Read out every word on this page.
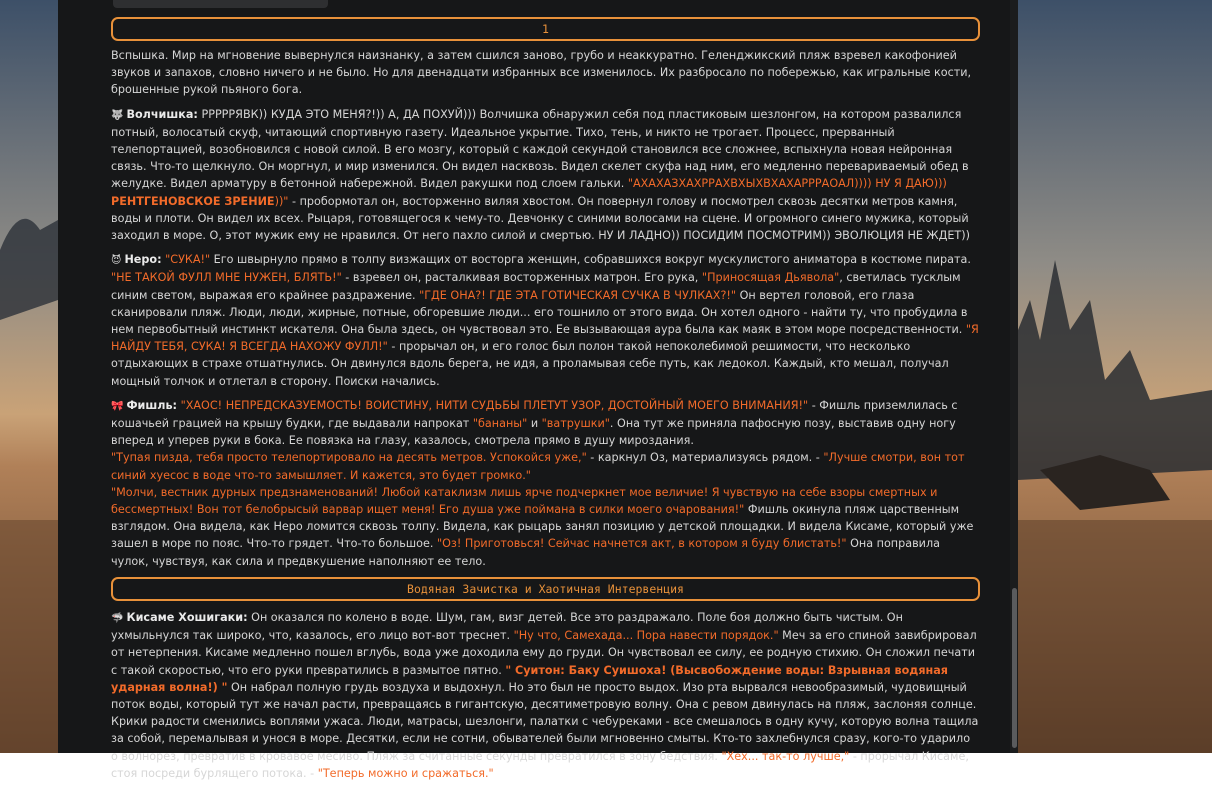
1

Вспышка. Мир на мгновение вывернулся наизнанку, а затем сшился заново, грубо и неаккуратно. Геленджикский пляж взревел какофонией звуков и запахов, словно ничего и не было. Но для двенадцати избранных все изменилось. Их разбросало по побережью, как игральные кости, брошенные рукой пьяного бога.

🐺 Волчишка: РРРРРЯВК)) КУДА ЭТО МЕНЯ?!)) А, ДА ПОХУЙ))) Волчишка обнаружил себя под пластиковым шезлонгом, на котором развалился потный, волосатый скуф, читающий спортивную газету. Идеальное укрытие. Тихо, тень, и никто не трогает. Процесс, прерванный телепортацией, возобновился с новой силой. В его мозгу, который с каждой секундой становился все сложнее, вспыхнула новая нейронная связь. Что-то щелкнуло. Он моргнул, и мир изменился. Он видел насквозь. Видел скелет скуфа над ним, его медленно перевариваемый обед в желудке. Видел арматуру в бетонной набережной. Видел ракушки под слоем гальки. "АХАХАЗХАХРРАХВХЫХВХАХАРРРАОАЛ)))) НУ Я ДАЮ))) РЕНТГЕНОВСКОЕ ЗРЕНИЕ))" - пробормотал он, восторженно виляя хвостом. Он повернул голову и посмотрел сквозь десятки метров камня, воды и плоти. Он видел их всех. Рыцаря, готовящегося к чему-то. Девчонку с синими волосами на сцене. И огромного синего мужика, который заходил в море. О, этот мужик ему не нравился. От него пахло силой и смертью. НУ И ЛАДНО)) ПОСИДИМ ПОСМОТРИМ)) ЭВОЛЮЦИЯ НЕ ЖДЕТ))

😈 Неро: "СУКА!" Его швырнуло прямо в толпу визжащих от восторга женщин, собравшихся вокруг мускулистого аниматора в костюме пирата. "НЕ ТАКОЙ ФУЛЛ МНЕ НУЖЕН, БЛЯТЬ!" - взревел он, расталкивая восторженных матрон. Его рука, "Приносящая Дьявола", светилась тусклым синим светом, выражая его крайнее раздражение. "ГДЕ ОНА?! ГДЕ ЭТА ГОТИЧЕСКАЯ СУЧКА В ЧУЛКАХ?!" Он вертел головой, его глаза сканировали пляж. Люди, люди, жирные, потные, обгоревшие люди... его тошнило от этого вида. Он хотел одного - найти ту, что пробудила в нем первобытный инстинкт искателя. Она была здесь, он чувствовал это. Ее вызывающая аура была как маяк в этом море посредственности. "Я НАЙДУ ТЕБЯ, СУКА! Я ВСЕГДА НАХОЖУ ФУЛЛ!" - прорычал он, и его голос был полон такой непоколебимой решимости, что несколько отдыхающих в страхе отшатнулись. Он двинулся вдоль берега, не идя, а проламывая себе путь, как ледокол. Каждый, кто мешал, получал мощный толчок и отлетал в сторону. Поиски начались.

🎀 Фишль: "ХАОС! НЕПРЕДСКАЗУЕМОСТЬ! ВОИСТИНУ, НИТИ СУДЬБЫ ПЛЕТУТ УЗОР, ДОСТОЙНЫЙ МОЕГО ВНИМАНИЯ!" - Фишль приземлилась с кошачьей грацией на крышу будки, где выдавали напрокат "бананы" и "ватрушки". Она тут же приняла пафосную позу, выставив одну ногу вперед и уперев руки в бока. Ее повязка на глазу, казалось, смотрела прямо в душу мироздания.
"Тупая пизда, тебя просто телепортировало на десять метров. Успокойся уже," - каркнул Оз, материализуясь рядом. - "Лучше смотри, вон тот синий хуесос в воде что-то замышляет. И кажется, это будет громко."
"Молчи, вестник дурных предзнаменований! Любой катаклизм лишь ярче подчеркнет мое величие! Я чувствую на себе взоры смертных и бессмертных! Вон тот белобрысый варвар ищет меня! Его душа уже поймана в силки моего очарования!" Фишль окинула пляж царственным взглядом. Она видела, как Неро ломится сквозь толпу. Видела, как рыцарь занял позицию у детской площадки. И видела Кисаме, который уже зашел в море по пояс. Что-то грядет. Что-то большое. "Оз! Приготовься! Сейчас начнется акт, в котором я буду блистать!" Она поправила чулок, чувствуя, как сила и предвкушение наполняют ее тело.

Водяная Зачистка и Хаотичная Интервенция

🦈 Кисаме Хошигаки: Он оказался по колено в воде. Шум, гам, визг детей. Все это раздражало. Поле боя должно быть чистым. Он ухмыльнулся так широко, что, казалось, его лицо вот-вот треснет. "Ну что, Самехада... Пора навести порядок." Меч за его спиной завибрировал от нетерпения. Кисаме медленно пошел вглубь, вода уже доходила ему до груди. Он чувствовал ее силу, ее родную стихию. Он сложил печати с такой скоростью, что его руки превратились в размытое пятно. " Суитон: Баку Суишоха! (Высвобождение воды: Взрывная водяная ударная волна!) " Он набрал полную грудь воздуха и выдохнул. Но это был не просто выдох. Изо рта вырвался невообразимый, чудовищный поток воды, который тут же начал расти, превращаясь в гигантскую, десятиметровую волну. Она с ревом двинулась на пляж, заслоняя солнце. Крики радости сменились воплями ужаса. Люди, матрасы, шезлонги, палатки с чебуреками - все смешалось в одну кучу, которую волна тащила за собой, перемалывая и унося в море. Десятки, если не сотни, обывателей были мгновенно смыты. Кто-то захлебнулся сразу, кого-то ударило о волнорез, превратив в кровавое месиво. Пляж за считанные секунды превратился в зону бедствия. "Хех... так-то лучше," - прорычал Кисаме, стоя посреди бурлящего потока. - "Теперь можно и сражаться."
